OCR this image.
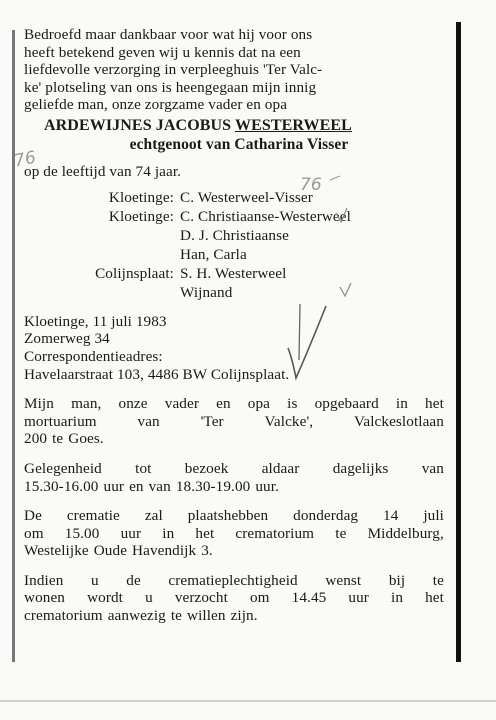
Bedroefd maar dankbaar voor wat hij voor ons
heeft betekend geven wij u kennis dat na een
liefdevolle verzorging in verpleeghuis 'Ter Valc-
ke' plotseling van ons is heengegaan mijn innig
geliefde man, onze zorgzame vader en opa
ARDEWIJNES JACOBUS WESTERWEEL
echtgenoot van Catharina Visser
op de leeftijd van 74 jaar.
Kloetinge: C. Westerweel-Visser
Kloetinge: C. Christiaanse-Westerweel
D. J. Christiaanse
Han, Carla
Colijnsplaat: S. H. Westerweel
Wijnand
Kloetinge, 11 juli 1983
Zomerweg 34
Correspondentieadres:
Havelaarstraat 103, 4486 BW Colijnsplaat.
Mijn man, onze vader en opa is opgebaard in het
mortuarium	van	'Ter	Valcke',	Valckeslotlaan
200 te Goes.
Gelegenheid tot bezoek aldaar dagelijks van
15.30-16.00 uur en van 18.30-19.00 uur.
De crematie zal plaatshebben donderdag 14 juli
om 15.00 uur in het crematorium te Middelburg,
Westelijke Oude Havendijk 3.
Indien u de crematieplechtigheid wenst bij te
wonen wordt u verzocht om 14.45 uur in het
crematorium aanwezig te willen zijn.
76
76
